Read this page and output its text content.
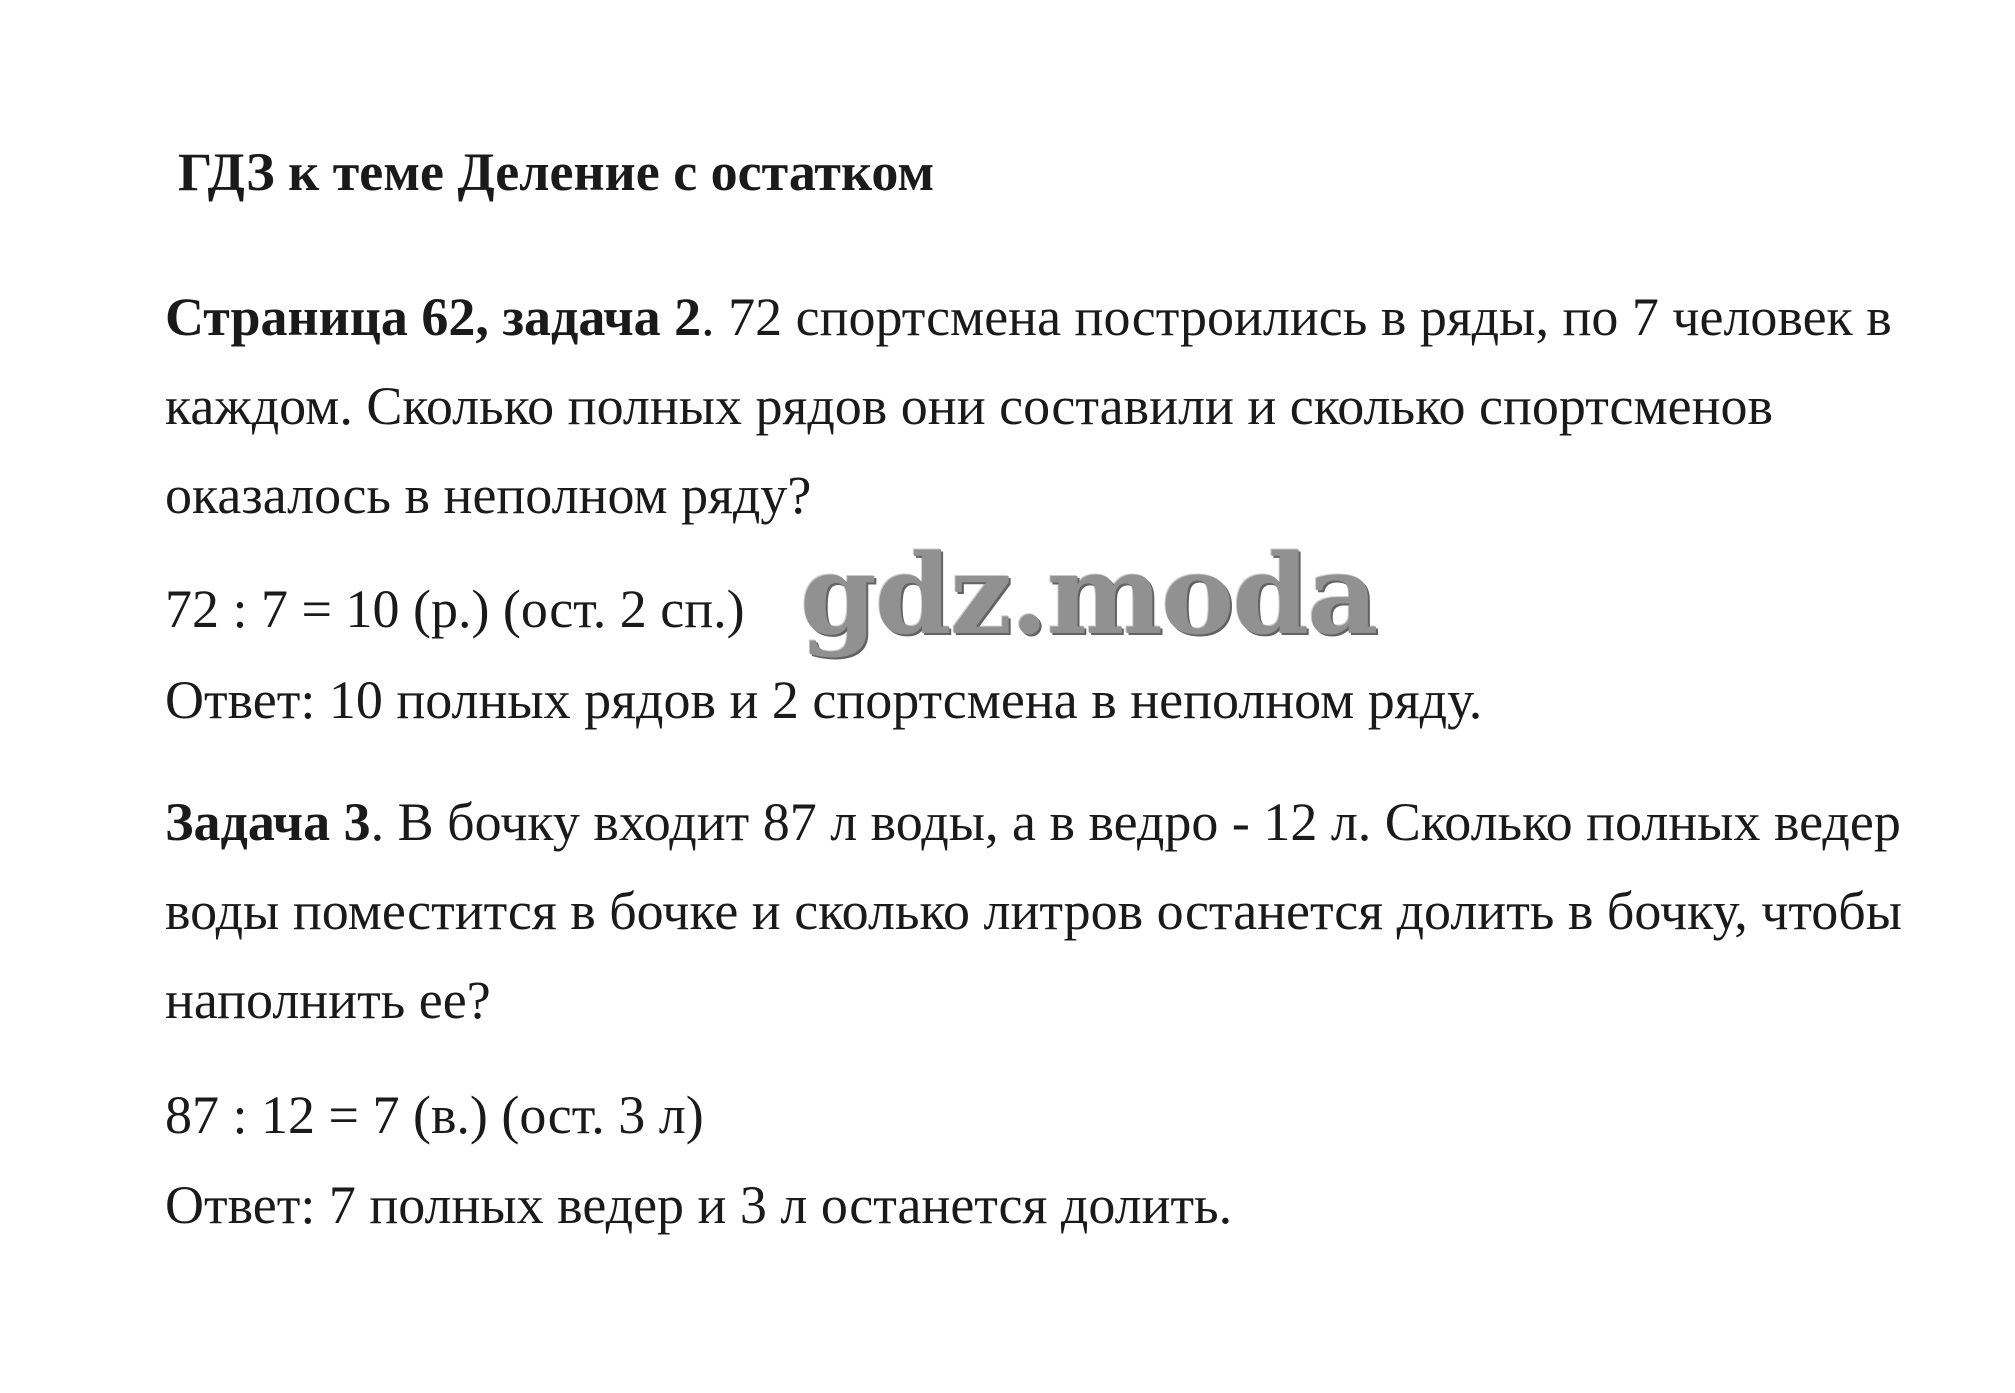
ГДЗ к теме Деление с остатком
Страница 62, задача 2. 72 спортсмена построились в ряды, по 7 человек в каждом. Сколько полных рядов они составили и сколько спортсменов оказалось в неполном ряду?
72 : 7 = 10 (р.) (ост. 2 сп.)
Ответ: 10 полных рядов и 2 спортсмена в неполном ряду.
Задача 3. В бочку входит 87 л воды, а в ведро - 12 л. Сколько полных ведер воды поместится в бочке и сколько литров останется долить в бочку, чтобы наполнить ее?
87 : 12 = 7 (в.) (ост. 3 л)
Ответ: 7 полных ведер и 3 л останется долить.
gdz.moda
